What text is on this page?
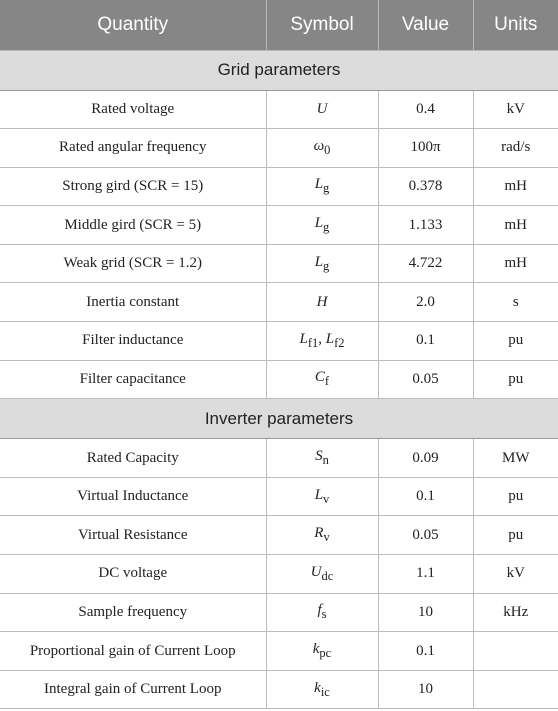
Quantity	Symbol	Value	Units
Grid parameters			
Rated voltage	U	0.4	kV
Rated angular frequency	$\omega_0$	100π	rad/s
Strong gird (SCR = 15)	$L_g$	0.378	mH
Middle gird (SCR = 5)	$L_g$	1.133	mH
Weak grid (SCR = 1.2)	$L_g$	4.722	mH
Inertia constant	H	2.0	s
Filter inductance	$L_{f1}$, $L_{f2}$	0.1	pu
Filter capacitance	$C_f$	0.05	pu
Inverter parameters			
Rated Capacity	$S_n$	0.09	MW
Virtual Inductance	$L_v$	0.1	pu
Virtual Resistance	$R_v$	0.05	pu
DC voltage	$U_{dc}$	1.1	kV
Sample frequency	$f_s$	10	kHz
Proportional gain of Current Loop	$k_{pc}$	0.1	
Integral gain of Current Loop	$k_{ic}$	10	
